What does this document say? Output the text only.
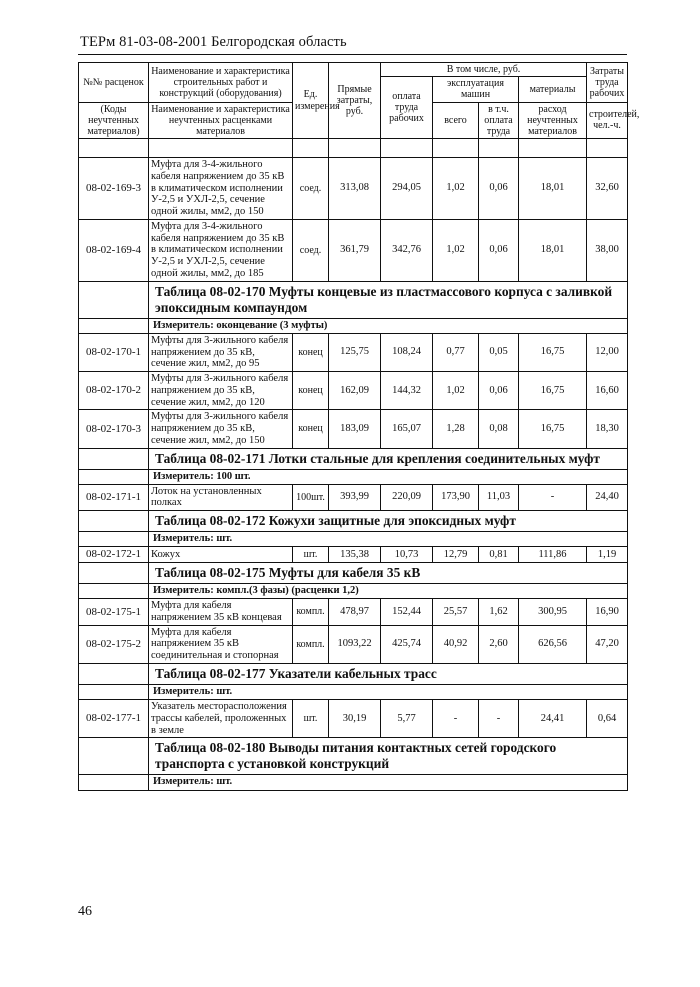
ТЕРм 81-03-08-2001 Белгородская область
№№ расценок	Наименование и характеристика строительных работ и конструкций (оборудования)	Ед. измерения	Прямые затраты, руб.	В том числе, руб.				Затраты труда рабочих
				оплата труда рабочих	эксплуатация машин		материалы	
(Коды неучтенных материалов)	Наименование и характеристика неучтенных расценками материалов				всего	в т.ч. оплата труда	расход неучтенных материалов	строителей, чел.-ч.

08-02-169-3	Муфта для 3-4-жильного кабеля напряжением до 35 кВ в климатическом исполнении У-2,5 и УХЛ-2,5, сечение одной жилы, мм2, до 150	соед.	313,08	294,05	1,02	0,06	18,01	32,60
08-02-169-4	Муфта для 3-4-жильного кабеля напряжением до 35 кВ в климатическом исполнении У-2,5 и УХЛ-2,5, сечение одной жилы, мм2, до 185	соед.	361,79	342,76	1,02	0,06	18,01	38,00
	Таблица 08-02-170 Муфты концевые из пластмассового корпуса с заливкой эпоксидным компаундом							
	Измеритель: оконцевание (3 муфты)							
08-02-170-1	Муфты для 3-жильного кабеля напряжением до 35 кВ, сечение жил, мм2, до 95	конец	125,75	108,24	0,77	0,05	16,75	12,00
08-02-170-2	Муфты для 3-жильного кабеля напряжением до 35 кВ, сечение жил, мм2, до 120	конец	162,09	144,32	1,02	0,06	16,75	16,60
08-02-170-3	Муфты для 3-жильного кабеля напряжением до 35 кВ, сечение жил, мм2, до 150	конец	183,09	165,07	1,28	0,08	16,75	18,30
	Таблица 08-02-171 Лотки стальные для крепления соединительных муфт							
	Измеритель: 100 шт.							
08-02-171-1	Лоток на установленных полках	100шт.	393,99	220,09	173,90	11,03	-	24,40
	Таблица 08-02-172 Кожухи защитные для эпоксидных муфт							
	Измеритель: шт.							
08-02-172-1	Кожух	шт.	135,38	10,73	12,79	0,81	111,86	1,19
	Таблица 08-02-175 Муфты для кабеля 35 кВ							
	Измеритель: компл.(3 фазы) (расценки 1,2)							
08-02-175-1	Муфта для кабеля напряжением 35 кВ концевая	компл.	478,97	152,44	25,57	1,62	300,95	16,90
08-02-175-2	Муфта для кабеля напряжением 35 кВ соединительная и стопорная	компл.	1093,22	425,74	40,92	2,60	626,56	47,20
	Таблица 08-02-177 Указатели кабельных трасс							
	Измеритель: шт.							
08-02-177-1	Указатель месторасположения трассы кабелей, проложенных в земле	шт.	30,19	5,77	-	-	24,41	0,64
	Таблица 08-02-180 Выводы питания контактных сетей городского транспорта с установкой конструкций							
	Измеритель: шт.							
46
